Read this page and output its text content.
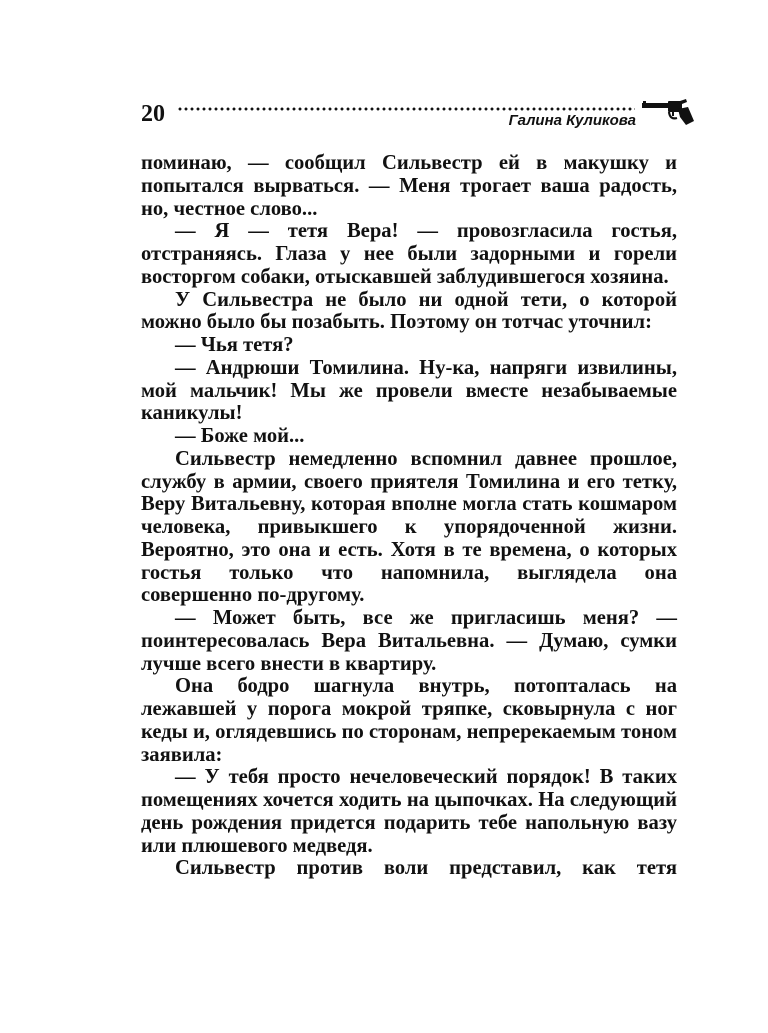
20	Галина Куликова

поминаю, — сообщил Сильвестр ей в макушку и попытался вырваться. — Меня трогает ваша радость, но, честное слово...

— Я — тетя Вера! — провозгласила гостья, отстраняясь. Глаза у нее были задорными и горели восторгом собаки, отыскавшей заблудившегося хозяина.

У Сильвестра не было ни одной тети, о которой можно было бы позабыть. Поэтому он тотчас уточнил:

— Чья тетя?

— Андрюши Томилина. Ну-ка, напряги извилины, мой мальчик! Мы же провели вместе незабываемые каникулы!

— Боже мой...

Сильвестр немедленно вспомнил давнее прошлое, службу в армии, своего приятеля Томилина и его тетку, Веру Витальевну, которая вполне могла стать кошмаром человека, привыкшего к упорядоченной жизни. Вероятно, это она и есть. Хотя в те времена, о которых гостья только что напомнила, выглядела она совершенно по-другому.

— Может быть, все же пригласишь меня? — поинтересовалась Вера Витальевна. — Думаю, сумки лучше всего внести в квартиру.

Она бодро шагнула внутрь, потопталась на лежавшей у порога мокрой тряпке, сковырнула с ног кеды и, оглядевшись по сторонам, непререкаемым тоном заявила:

— У тебя просто нечеловеческий порядок! В таких помещениях хочется ходить на цыпочках. На следующий день рождения придется подарить тебе напольную вазу или плюшевого медведя.

Сильвестр против воли представил, как тетя
